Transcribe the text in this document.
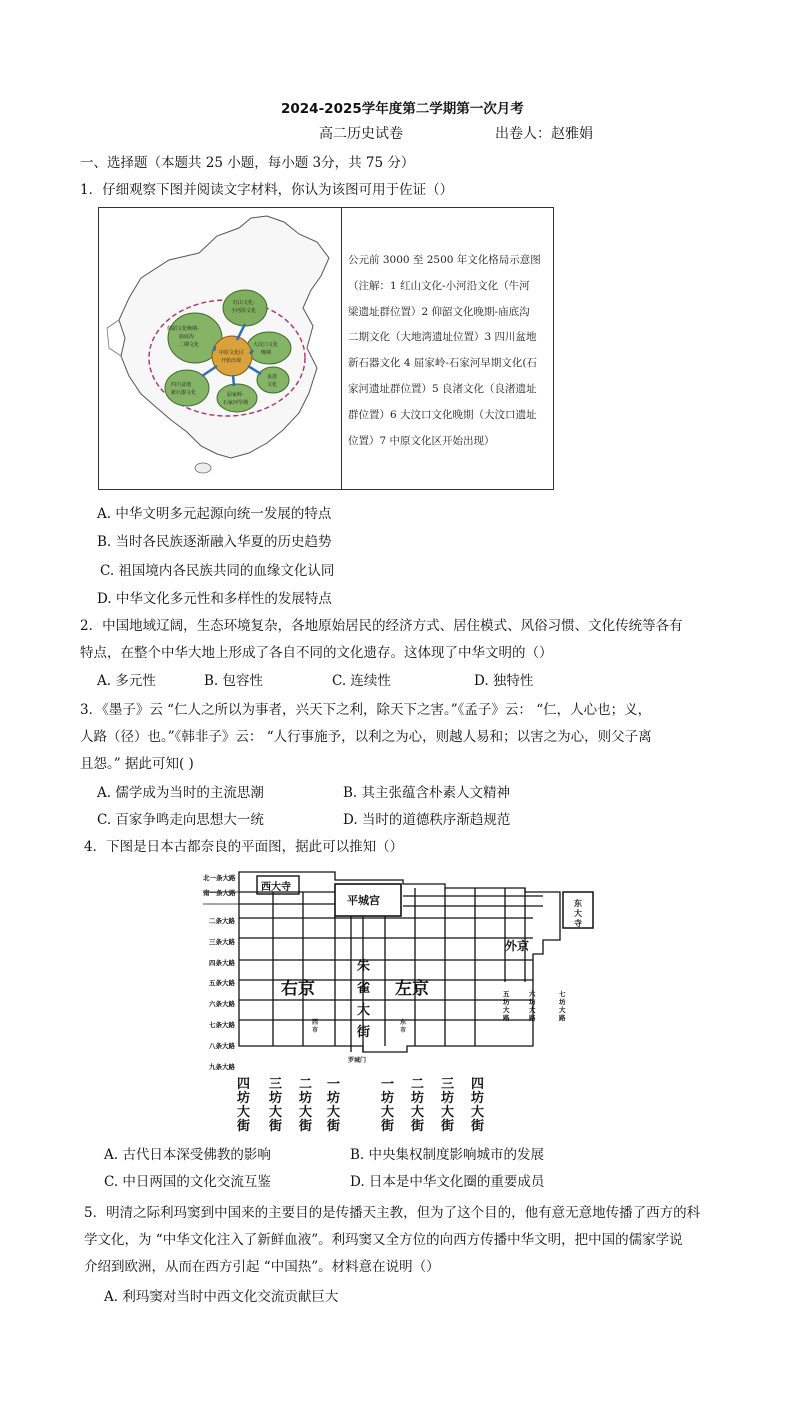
2024-2025学年度第二学期第一次月考
高二历史试卷	出卷人：赵雅娟
一、选择题（本题共 25 小题，每小题 3分，共 75 分）
1．仔细观察下图并阅读文字材料，你认为该图可用于佐证（）
红山文化-
小河沿文化
仰韶文化晚期-
庙底沟
二期文化
中原文化区
开始出现
大汶口文化
晚期
四川盆地
新石器文化	屈家岭-
石家河早期
良渚
文化
公元前 3000 至 2500 年文化格局示意图
（注解：1 红山文化-小河沿文化（牛河
梁遗址群位置）2 仰韶文化晚期-庙底沟
二期文化（大地湾遗址位置）3 四川盆地
新石器文化 4 屈家岭-石家河早期文化(石
家河遗址群位置）5 良渚文化（良渚遗址
群位置）6 大汶口文化晚期（大汶口遗址
位置）7 中原文化区开始出现）
A. 中华文明多元起源向统一发展的特点
B. 当时各民族逐渐融入华夏的历史趋势
C. 祖国境内各民族共同的血缘文化认同
D. 中华文化多元性和多样性的发展特点
2．中国地域辽阔，生态环境复杂，各地原始居民的经济方式、居住模式、风俗习惯、文化传统等各有
特点，在整个中华大地上形成了各自不同的文化遗存。这体现了中华文明的（）
A. 多元性	B. 包容性	C. 连续性	D. 独特性
3．《墨子》云 “仁人之所以为事者，兴天下之利，除天下之害。”《孟子》云： “仁，人心也；义，
人路（径）也。”《韩非子》云： “人行事施予，以利之为心，则越人易和；以害之为心，则父子离
且怨。” 据此可知( )
A. 儒学成为当时的主流思潮	B. 其主张蕴含朴素人文精神
C. 百家争鸣走向思想大一统	D. 当时的道德秩序渐趋规范
4．下图是日本古都奈良的平面图，据此可以推知（）
北一条大路
南一条大路
二条大路
三条大路
四条大路
五条大路
六条大路
七条大路
八条大路
九条大路
西大寺
平城宫
右京	左京
外京
西市
东市
罗城门
东
大
寺
朱
雀
大
街
五
坊
大
路
六
坊
大
路
七
坊
大
路
四
坊
大
街
三
坊
大
街
二
坊
大
街
一
坊
大
街
一
坊
大
街
二
坊
大
街
三
坊
大
街
四
坊
大
街
A. 古代日本深受佛教的影响	B. 中央集权制度影响城市的发展
C. 中日两国的文化交流互鉴	D. 日本是中华文化圈的重要成员
5．明清之际利玛窦到中国来的主要目的是传播天主教，但为了这个目的，他有意无意地传播了西方的科
学文化，为 “中华文化注入了新鲜血液”。利玛窦又全方位的向西方传播中华文明，把中国的儒家学说
介绍到欧洲，从而在西方引起 “中国热”。材料意在说明（）
A. 利玛窦对当时中西文化交流贡献巨大
